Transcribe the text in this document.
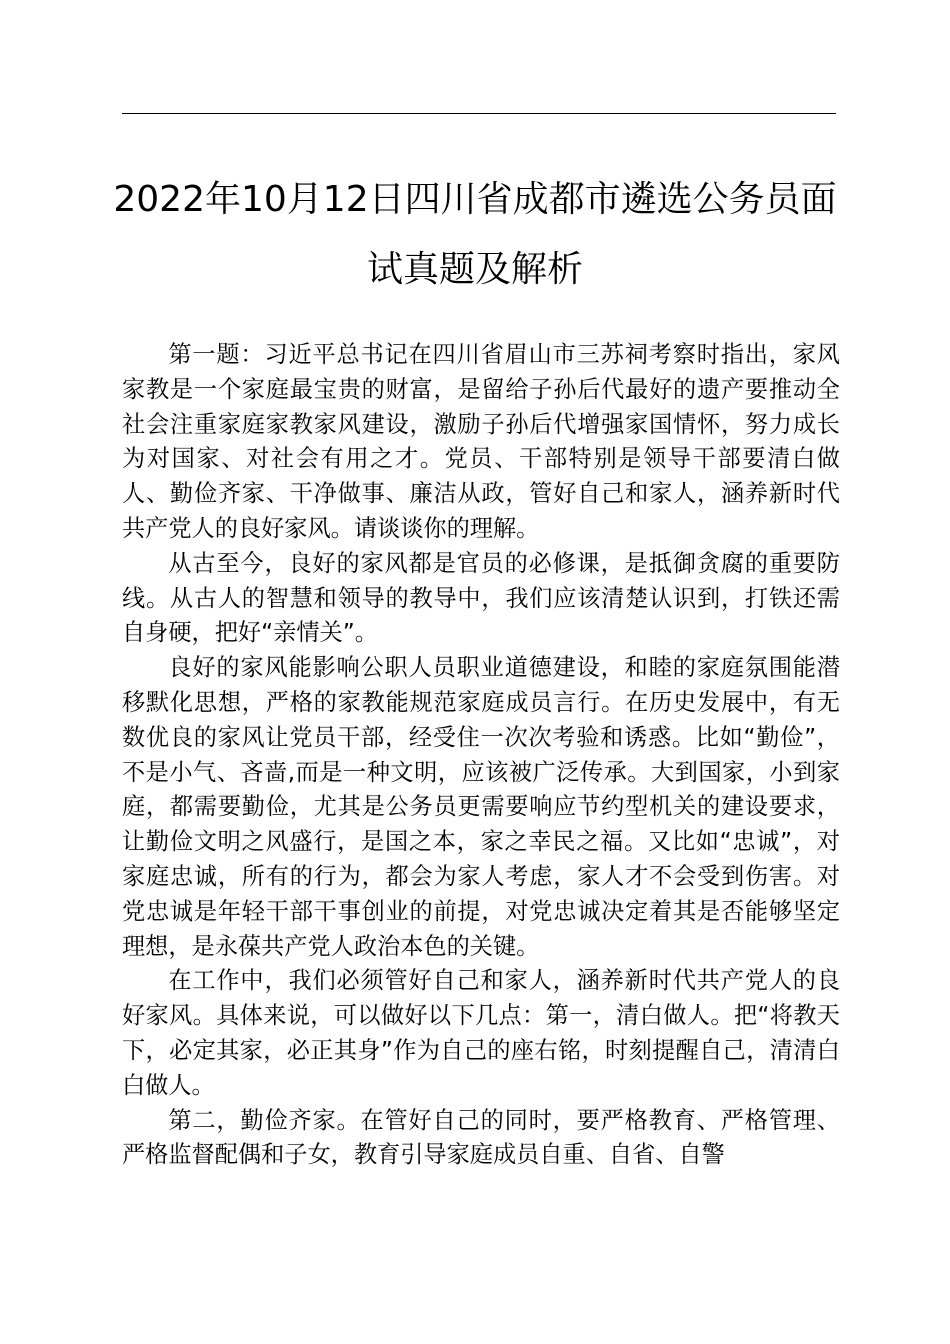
2022年10月12日四川省成都市遴选公务员面
试真题及解析

第一题：习近平总书记在四川省眉山市三苏祠考察时指出，家风家教是一个家庭最宝贵的财富，是留给子孙后代最好的遗产要推动全社会注重家庭家教家风建设，激励子孙后代增强家国情怀，努力成长为对国家、对社会有用之才。党员、干部特别是领导干部要清白做人、勤俭齐家、干净做事、廉洁从政，管好自己和家人，涵养新时代共产党人的良好家风。请谈谈你的理解。

从古至今，良好的家风都是官员的必修课，是抵御贪腐的重要防线。从古人的智慧和领导的教导中，我们应该清楚认识到，打铁还需自身硬，把好“亲情关”。

良好的家风能影响公职人员职业道德建设，和睦的家庭氛围能潜移默化思想，严格的家教能规范家庭成员言行。在历史发展中，有无数优良的家风让党员干部，经受住一次次考验和诱惑。比如“勤俭”，不是小气、吝啬,而是一种文明，应该被广泛传承。大到国家，小到家庭，都需要勤俭，尤其是公务员更需要响应节约型机关的建设要求，让勤俭文明之风盛行，是国之本，家之幸民之福。又比如“忠诚”，对家庭忠诚，所有的行为，都会为家人考虑，家人才不会受到伤害。对党忠诚是年轻干部干事创业的前提，对党忠诚决定着其是否能够坚定理想，是永葆共产党人政治本色的关键。

在工作中，我们必须管好自己和家人，涵养新时代共产党人的良好家风。具体来说，可以做好以下几点：第一，清白做人。把“将教天下，必定其家，必正其身”作为自己的座右铭，时刻提醒自己，清清白白做人。

第二，勤俭齐家。在管好自己的同时，要严格教育、严格管理、严格监督配偶和子女，教育引导家庭成员自重、自省、自警
